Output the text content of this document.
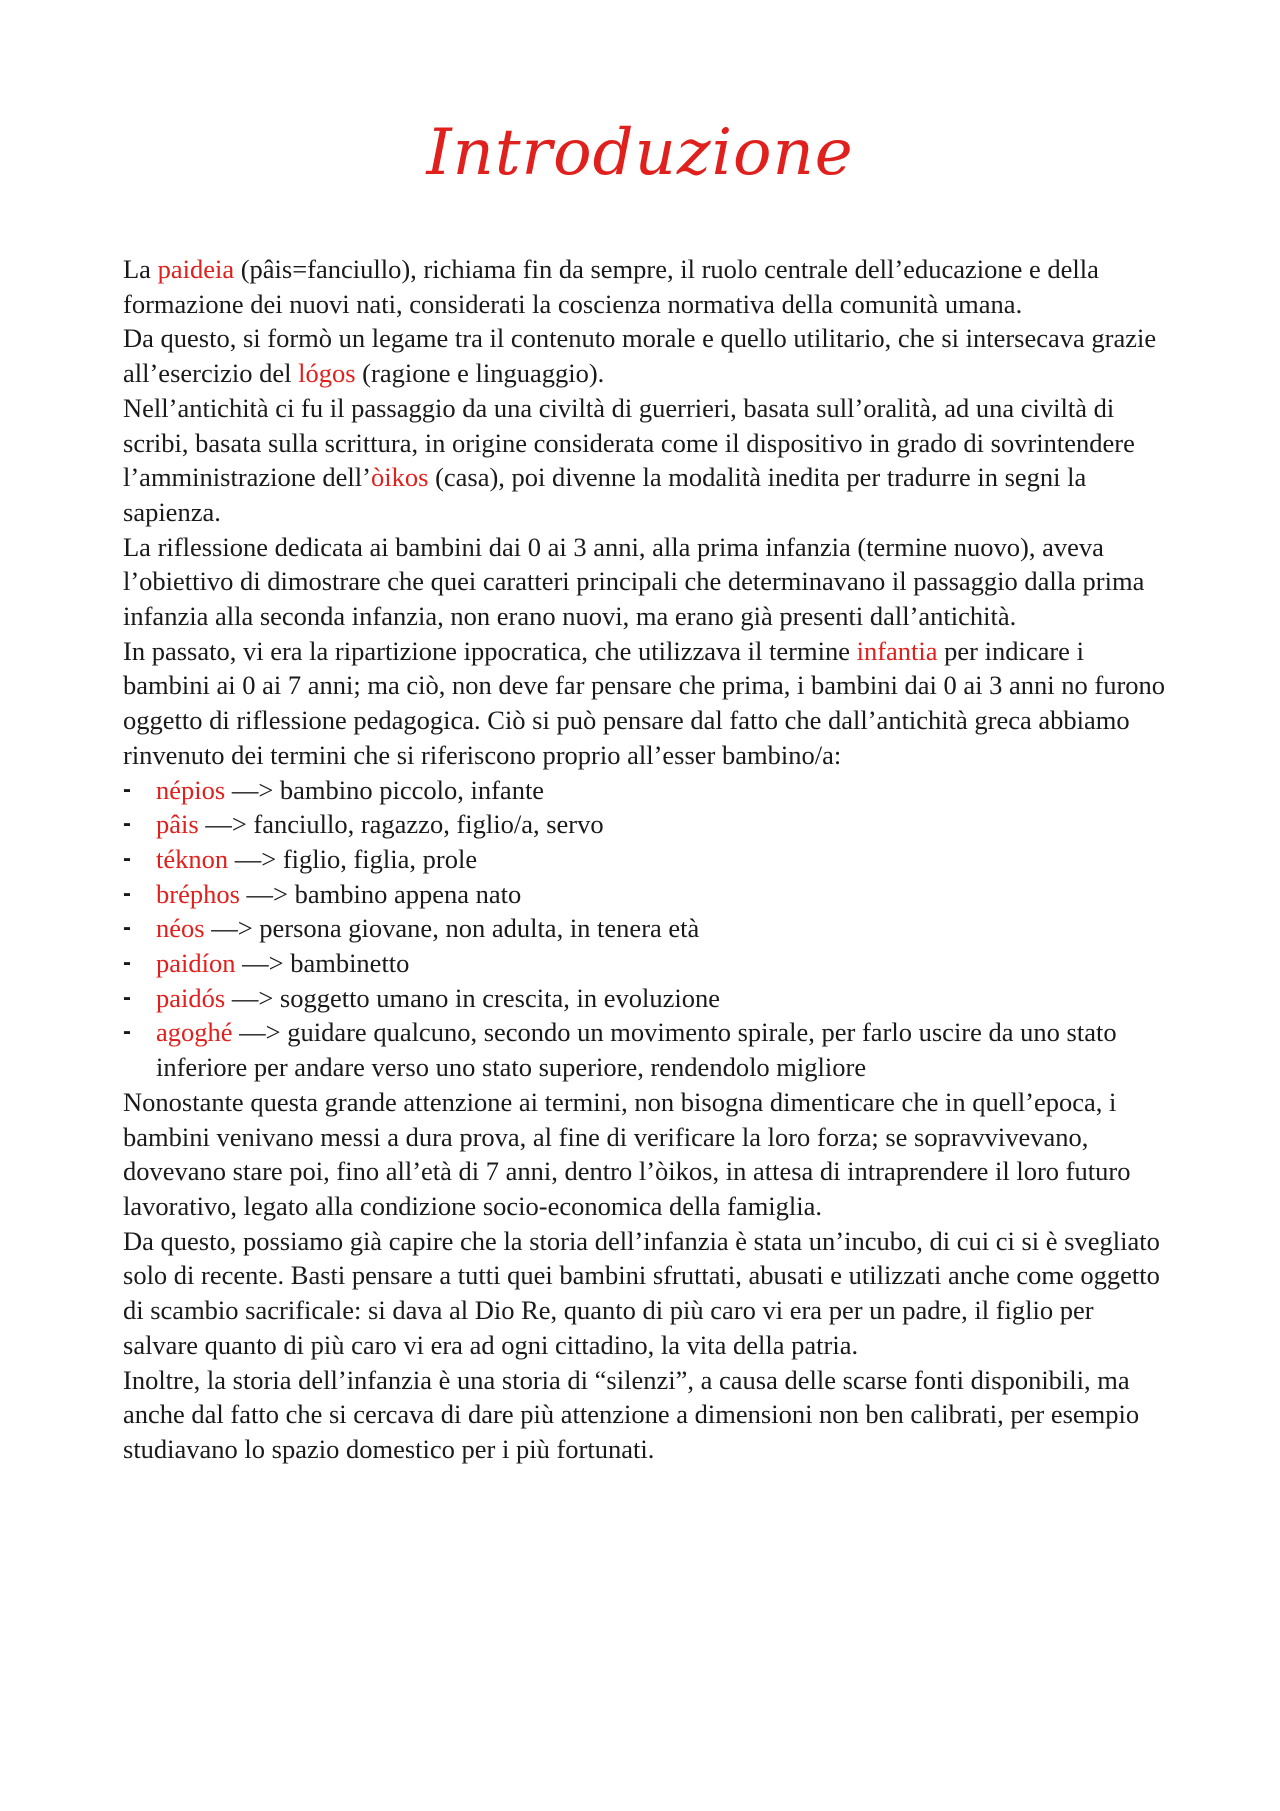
Introduzione

La paideia (pâis=fanciullo), richiama fin da sempre, il ruolo centrale dell’educazione e della formazione dei nuovi nati, considerati la coscienza normativa della comunità umana.

Da questo, si formò un legame tra il contenuto morale e quello utilitario, che si intersecava grazie all’esercizio del lógos (ragione e linguaggio).

Nell’antichità ci fu il passaggio da una civiltà di guerrieri, basata sull’oralità, ad una civiltà di scribi, basata sulla scrittura, in origine considerata come il dispositivo in grado di sovrintendere l’amministrazione dell’òikos (casa), poi divenne la modalità inedita per tradurre in segni la sapienza.

La riflessione dedicata ai bambini dai 0 ai 3 anni, alla prima infanzia (termine nuovo), aveva l’obiettivo di dimostrare che quei caratteri principali che determinavano il passaggio dalla prima infanzia alla seconda infanzia, non erano nuovi, ma erano già presenti dall’antichità.

In passato, vi era la ripartizione ippocratica, che utilizzava il termine infantia per indicare i bambini ai 0 ai 7 anni; ma ciò, non deve far pensare che prima, i bambini dai 0 ai 3 anni no furono oggetto di riflessione pedagogica. Ciò si può pensare dal fatto che dall’antichità greca abbiamo rinvenuto dei termini che si riferiscono proprio all’esser bambino/a:

- népios —> bambino piccolo, infante
- pâis —> fanciullo, ragazzo, figlio/a, servo
- téknon —> figlio, figlia, prole
- bréphos —> bambino appena nato
- néos —> persona giovane, non adulta, in tenera età
- paidíon —> bambinetto
- paidós —> soggetto umano in crescita, in evoluzione
- agoghé —> guidare qualcuno, secondo un movimento spirale, per farlo uscire da uno stato inferiore per andare verso uno stato superiore, rendendolo migliore

Nonostante questa grande attenzione ai termini, non bisogna dimenticare che in quell’epoca, i bambini venivano messi a dura prova, al fine di verificare la loro forza; se sopravvivevano, dovevano stare poi, fino all’età di 7 anni, dentro l’òikos, in attesa di intraprendere il loro futuro lavorativo, legato alla condizione socio-economica della famiglia.

Da questo, possiamo già capire che la storia dell’infanzia è stata un’incubo, di cui ci si è svegliato solo di recente. Basti pensare a tutti quei bambini sfruttati, abusati e utilizzati anche come oggetto di scambio sacrificale: si dava al Dio Re, quanto di più caro vi era per un padre, il figlio per salvare quanto di più caro vi era ad ogni cittadino, la vita della patria.

Inoltre, la storia dell’infanzia è una storia di “silenzi”, a causa delle scarse fonti disponibili, ma anche dal fatto che si cercava di dare più attenzione a dimensioni non ben calibrati, per esempio studiavano lo spazio domestico per i più fortunati.
